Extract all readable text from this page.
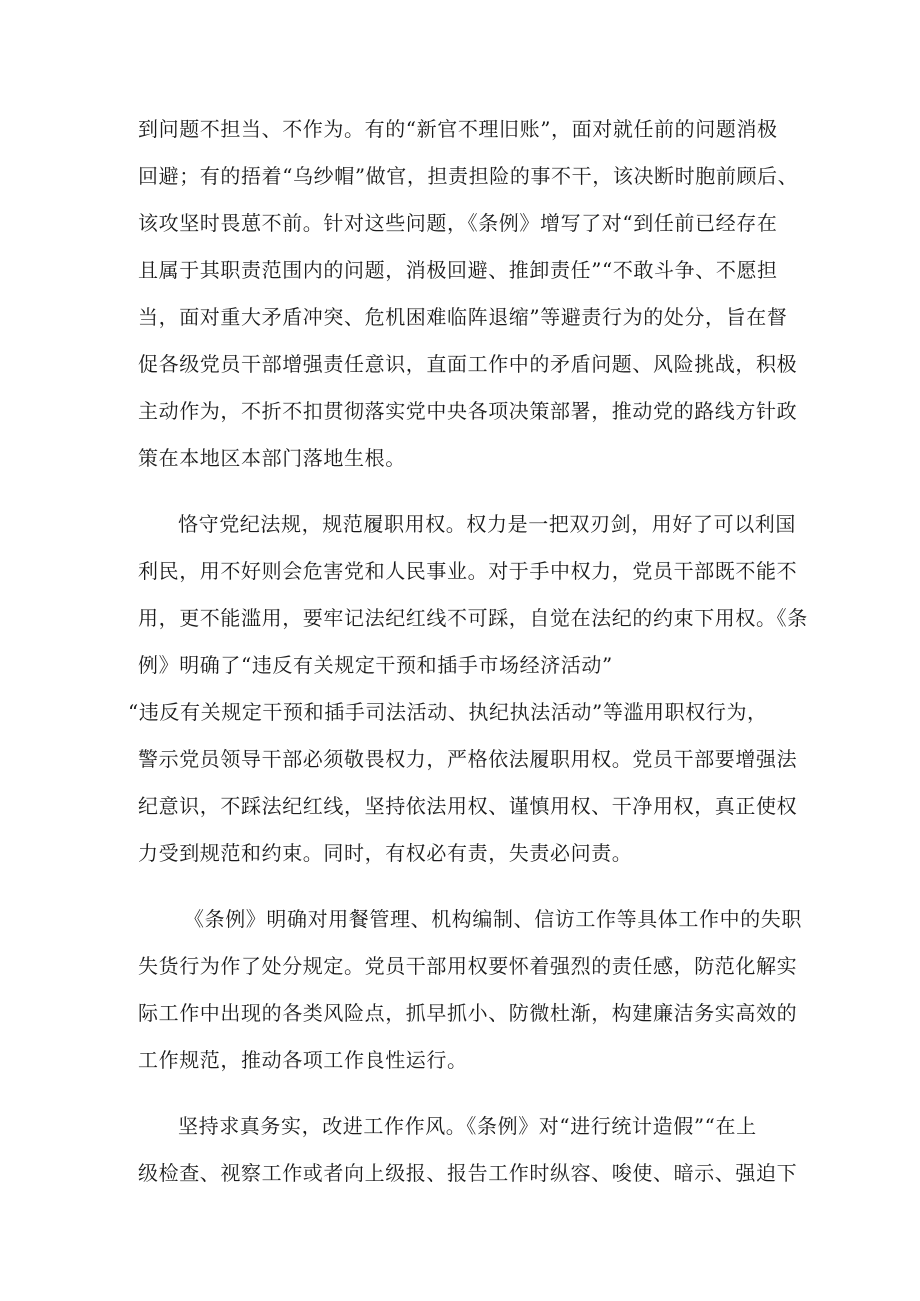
到问题不担当、不作为。有的“新官不理旧账”，面对就任前的问题消极
回避；有的捂着“乌纱帽”做官，担责担险的事不干，该决断时胞前顾后、
该攻坚时畏葸不前。针对这些问题，《条例》增写了对“到任前已经存在
且属于其职责范围内的问题，消极回避、推卸责任”“不敢斗争、不愿担
当，面对重大矛盾冲突、危机困难临阵退缩”等避责行为的处分，旨在督
促各级党员干部增强责任意识，直面工作中的矛盾问题、风险挑战，积极
主动作为，不折不扣贯彻落实党中央各项决策部署，推动党的路线方针政
策在本地区本部门落地生根。
恪守党纪法规，规范履职用权。权力是一把双刃剑，用好了可以利国
利民，用不好则会危害党和人民事业。对于手中权力，党员干部既不能不
用，更不能滥用，要牢记法纪红线不可踩，自觉在法纪的约束下用权。《条
例》明确了“违反有关规定干预和插手市场经济活动”
“违反有关规定干预和插手司法活动、执纪执法活动”等滥用职权行为，
警示党员领导干部必须敬畏权力，严格依法履职用权。党员干部要增强法
纪意识，不踩法纪红线，坚持依法用权、谨慎用权、干净用权，真正使权
力受到规范和约束。同时，有权必有责，失责必问责。
《条例》明确对用餐管理、机构编制、信访工作等具体工作中的失职
失货行为作了处分规定。党员干部用权要怀着强烈的责任感，防范化解实
际工作中出现的各类风险点，抓早抓小、防微杜渐，构建廉洁务实高效的
工作规范，推动各项工作良性运行。
坚持求真务实，改进工作作风。《条例》对“进行统计造假”“在上
级检查、视察工作或者向上级报、报告工作时纵容、唆使、暗示、强迫下
